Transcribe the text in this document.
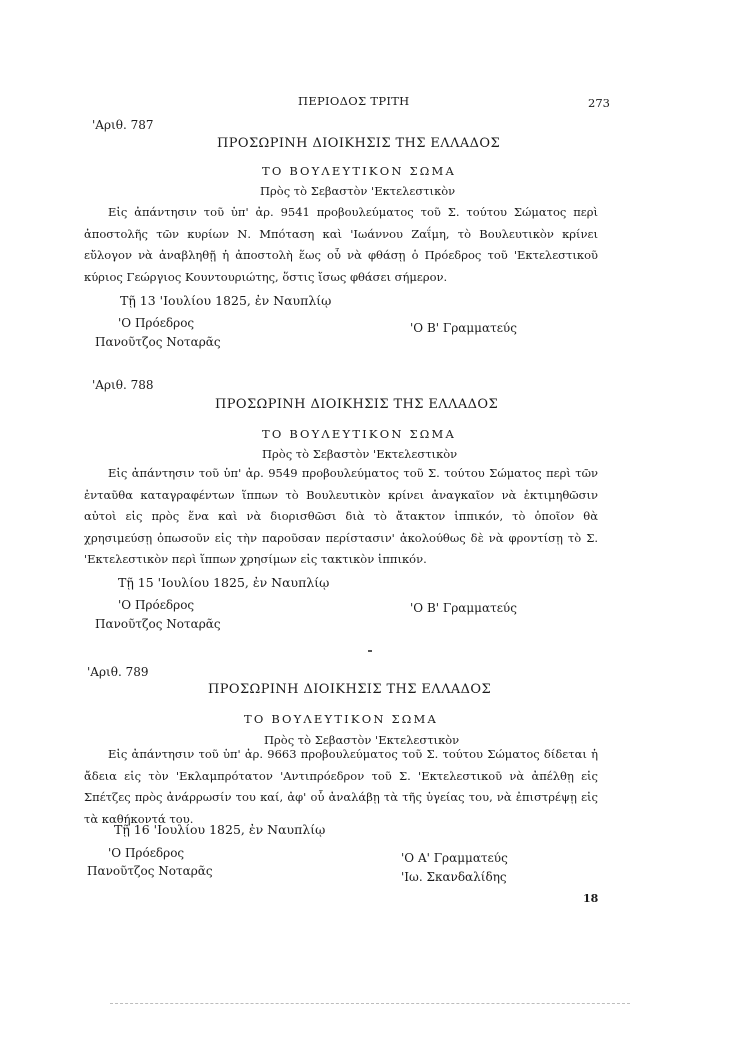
ΠΕΡΙΟΔΟΣ ΤΡΙΤΗ	273
'Αριθ. 787
ΠΡΟΣΩΡΙΝΗ ΔΙΟΙΚΗΣΙΣ ΤΗΣ ΕΛΛΑΔΟΣ
ΤΟ ΒΟΥΛΕΥΤΙΚΟΝ ΣΩΜΑ
Πρὸς τὸ Σεβαστὸν 'Εκτελεστικὸν

Εἰς ἀπάντησιν τοῦ ὑπ' ἀρ. 9541 προβουλεύματος τοῦ Σ. τούτου Σώματος περὶ ἀποστολῆς τῶν κυρίων Ν. Μπόταση καὶ 'Ιωάννου Ζαΐμη, τὸ Βουλευτικὸν κρίνει εὔλογον νὰ ἀναβληθῇ ἡ ἀποστολὴ ἕως οὗ νὰ φθάσῃ ὁ Πρόεδρος τοῦ 'Εκτελεστικοῦ κύριος Γεώργιος Κουντουριώτης, ὅστις ἴσως φθάσει σήμερον.

Τῇ 13 'Ιουλίου 1825, ἐν Ναυπλίῳ
'Ο Πρόεδρος
Πανοῦτζος Νοταρᾶς
'Ο Β' Γραμματεύς
'Αριθ. 788
ΠΡΟΣΩΡΙΝΗ ΔΙΟΙΚΗΣΙΣ ΤΗΣ ΕΛΛΑΔΟΣ
ΤΟ ΒΟΥΛΕΥΤΙΚΟΝ ΣΩΜΑ
Πρὸς τὸ Σεβαστὸν 'Εκτελεστικὸν

Εἰς ἀπάντησιν τοῦ ὑπ' ἀρ. 9549 προβουλεύματος τοῦ Σ. τούτου Σώματος περὶ τῶν ἐνταῦθα καταγραφέντων ἵππων τὸ Βουλευτικὸν κρίνει ἀναγκαῖον νὰ ἐκτιμηθῶσιν αὐτοὶ εἰς πρὸς ἕνα καὶ νὰ διορισθῶσι διὰ τὸ ἄτακτον ἱππικόν, τὸ ὁποῖον θὰ χρησιμεύσῃ ὁπωσοῦν εἰς τὴν παροῦσαν περίστασιν' ἀκολούθως δὲ νὰ φροντίσῃ τὸ Σ. 'Εκτελεστικὸν περὶ ἵππων χρησίμων εἰς τακτικὸν ἱππικόν.

Τῇ 15 'Ιουλίου 1825, ἐν Ναυπλίῳ
'Ο Πρόεδρος
Πανοῦτζος Νοταρᾶς
'Ο Β' Γραμματεύς
'Αριθ. 789
ΠΡΟΣΩΡΙΝΗ ΔΙΟΙΚΗΣΙΣ ΤΗΣ ΕΛΛΑΔΟΣ
ΤΟ ΒΟΥΛΕΥΤΙΚΟΝ ΣΩΜΑ
Πρὸς τὸ Σεβαστὸν 'Εκτελεστικὸν

Εἰς ἀπάντησιν τοῦ ὑπ' ἀρ. 9663 προβουλεύματος τοῦ Σ. τούτου Σώματος δίδεται ἡ ἄδεια εἰς τὸν 'Εκλαμπρότατον 'Αντιπρόεδρον τοῦ Σ. 'Εκτελεστικοῦ νὰ ἀπέλθῃ εἰς Σπέτζες πρὸς ἀνάρρωσίν του καί, ἀφ' οὗ ἀναλάβῃ τὰ τῆς ὑγείας του, νὰ ἐπιστρέψῃ εἰς τὰ καθήκοντά του.

Τῇ 16 'Ιουλίου 1825, ἐν Ναυπλίῳ
'Ο Πρόεδρος
Πανοῦτζος Νοταρᾶς
'Ο Α' Γραμματεύς
'Ιω. Σκανδαλίδης
18
